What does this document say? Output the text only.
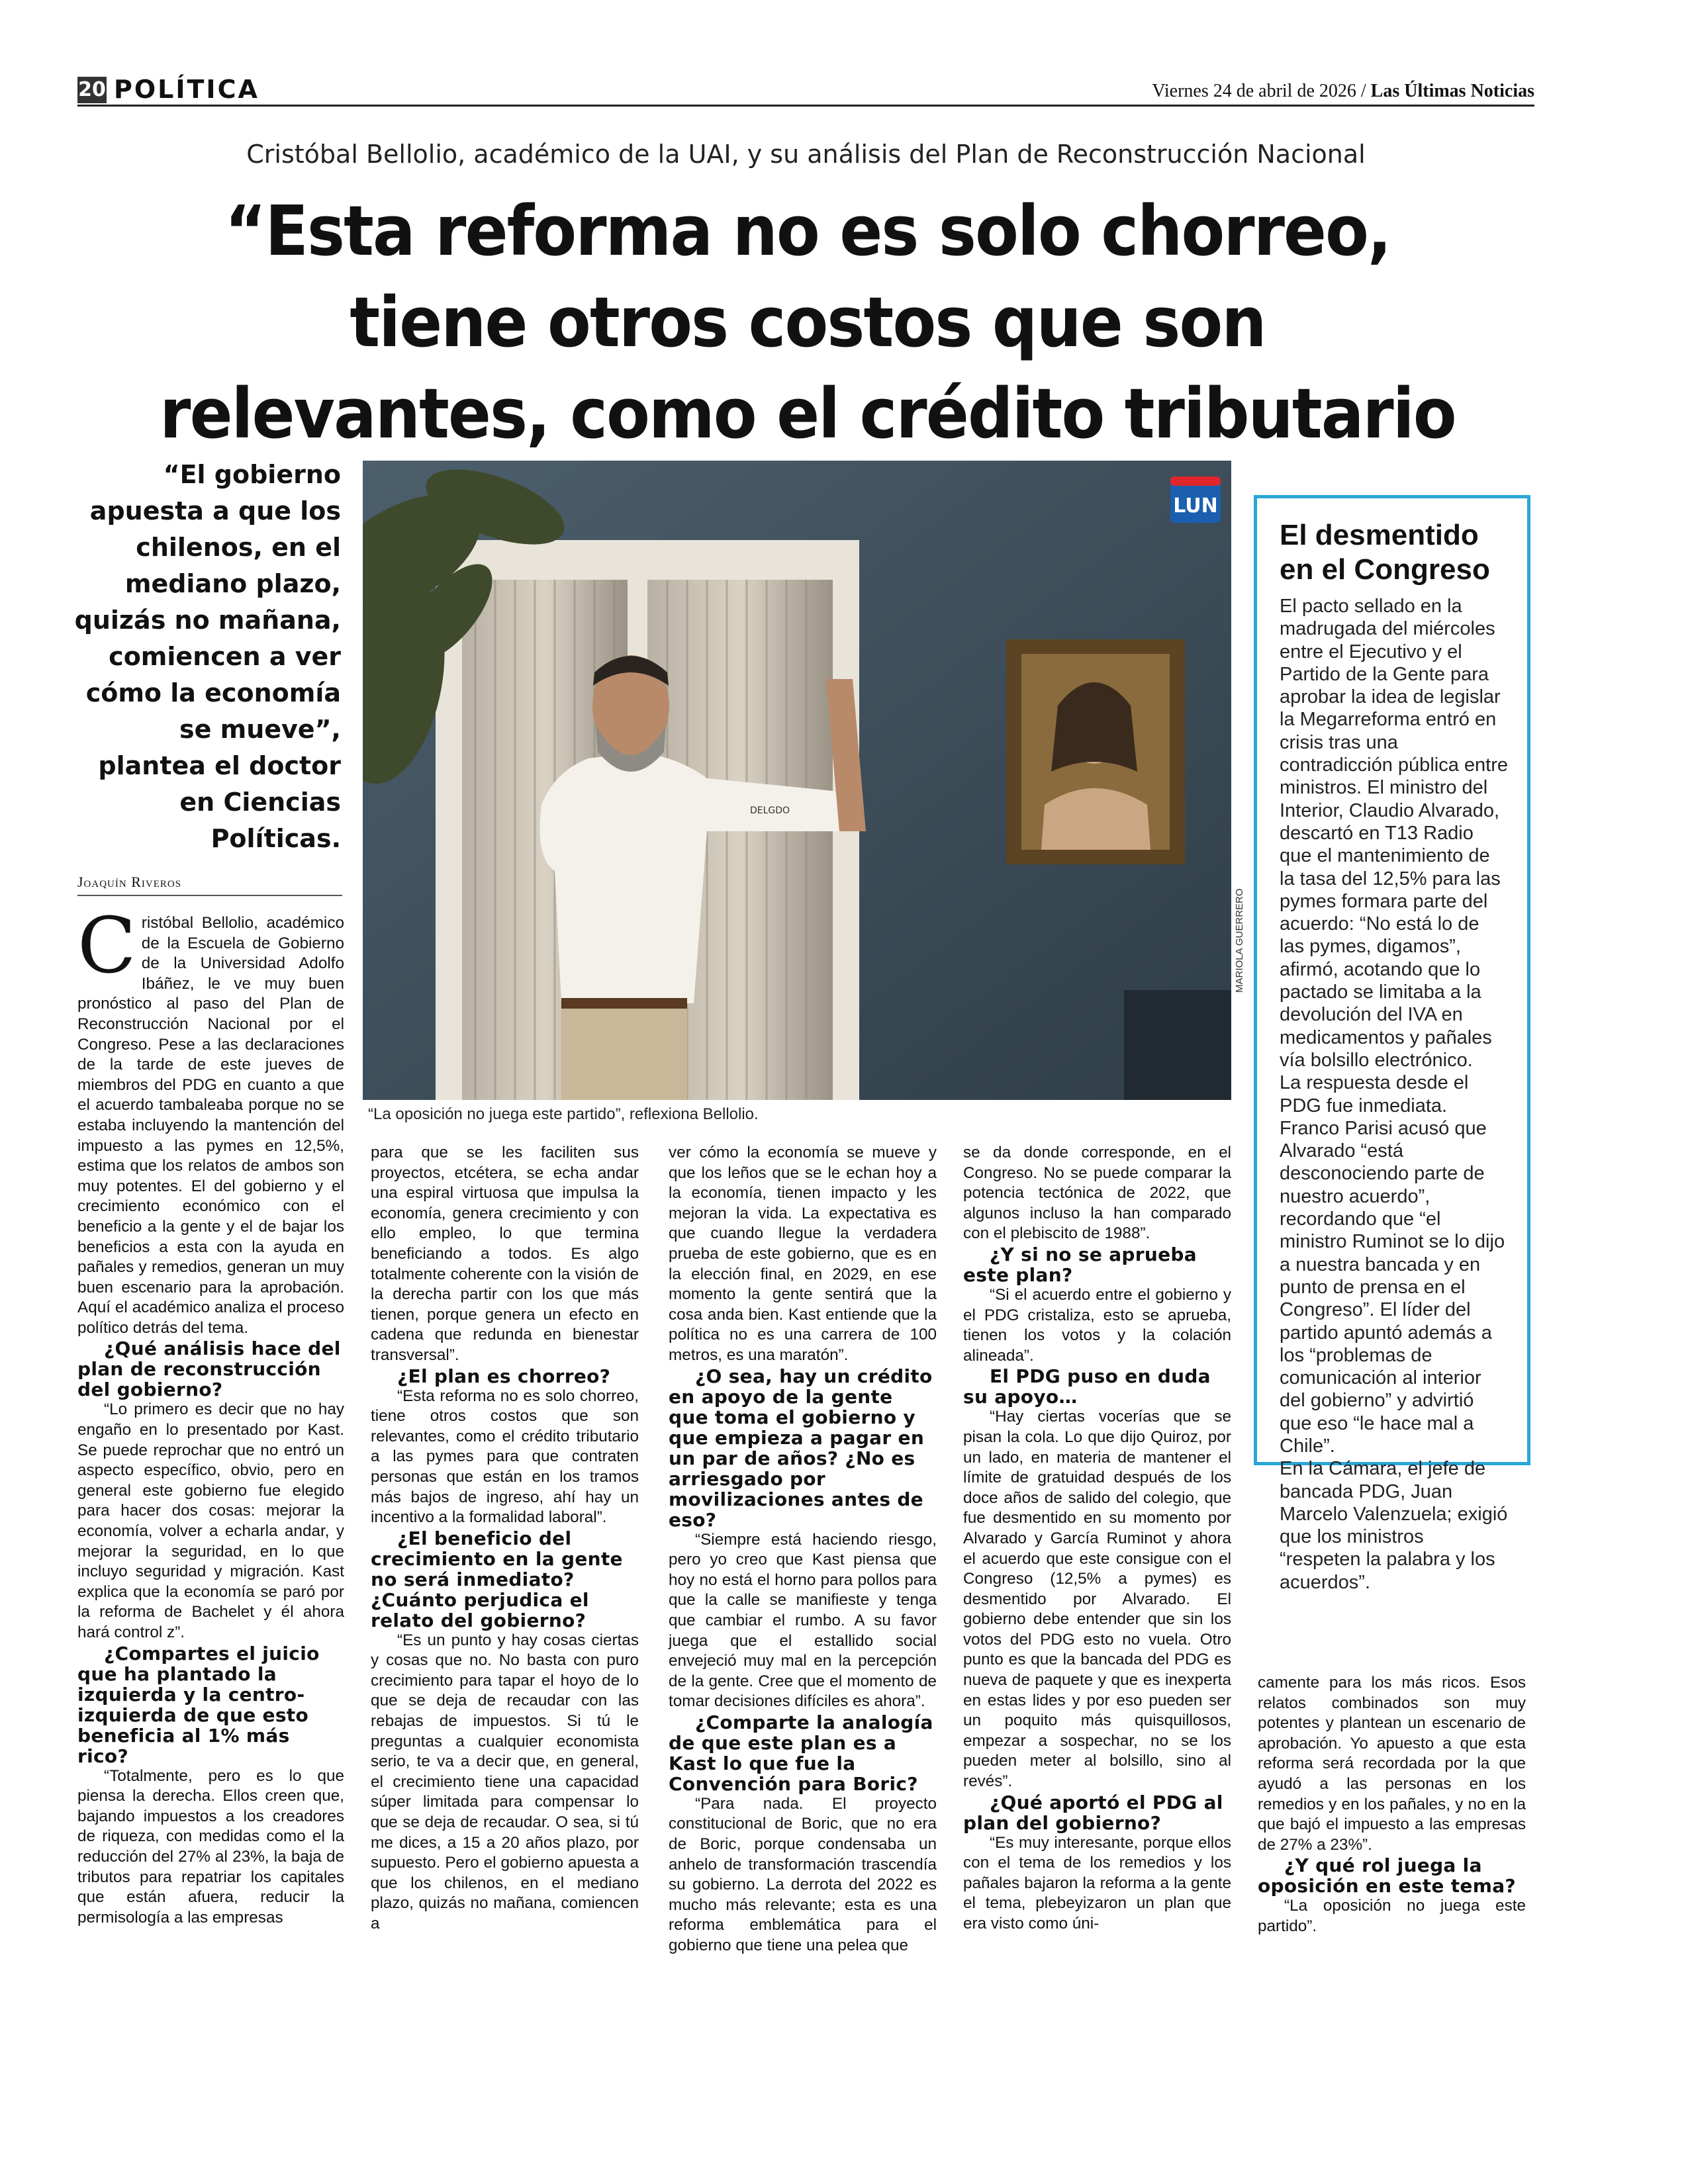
20 POLÍTICA	Viernes 24 de abril de 2026 / Las Últimas Noticias
Cristóbal Bellolio, académico de la UAI, y su análisis del Plan de Reconstrucción Nacional
“Esta reforma no es solo chorreo, tiene otros costos que son relevantes, como el crédito tributario
“El gobierno apuesta a que los chilenos, en el mediano plazo, quizás no mañana, comiencen a ver cómo la economía se mueve”, plantea el doctor en Ciencias Políticas.
Joaquín Riveros
DELGDO
LUN
“La oposición no juega este partido”, reflexiona Bellolio.
MARIOLA GUERRERO
El desmentido en el Congreso

El pacto sellado en la madrugada del miércoles entre el Ejecutivo y el Partido de la Gente para aprobar la idea de legislar la Megarreforma entró en crisis tras una contradicción pública entre ministros. El ministro del Interior, Claudio Alvarado, descartó en T13 Radio que el mantenimiento de la tasa del 12,5% para las pymes formara parte del acuerdo: “No está lo de las pymes, digamos”, afirmó, acotando que lo pactado se limitaba a la devolución del IVA en medicamentos y pañales vía bolsillo electrónico.

La respuesta desde el PDG fue inmediata. Franco Parisi acusó que Alvarado “está desconociendo parte de nuestro acuerdo”, recordando que “el ministro Ruminot se lo dijo a nuestra bancada y en punto de prensa en el Congreso”. El líder del partido apuntó además a los “problemas de comunicación al interior del gobierno” y advirtió que eso “le hace mal a Chile”.

En la Cámara, el jefe de bancada PDG, Juan Marcelo Valenzuela; exigió que los ministros “respeten la palabra y los acuerdos”.

Cristóbal Bellolio, académico de la Escuela de Gobierno de la Universidad Adolfo Ibáñez, le ve muy buen pronóstico al paso del Plan de Reconstrucción Nacional por el Congreso. Pese a las declaraciones de la tarde de este jueves de miembros del PDG en cuanto a que el acuerdo tambaleaba porque no se estaba incluyendo la mantención del impuesto a las pymes en 12,5%, estima que los relatos de ambos son muy potentes. El del gobierno y el crecimiento económico con el beneficio a la gente y el de bajar los beneficios a esta con la ayuda en pañales y remedios, generan un muy buen escenario para la aprobación. Aquí el académico analiza el proceso político detrás del tema.

¿Qué análisis hace del plan de reconstrucción del gobierno?

“Lo primero es decir que no hay engaño en lo presentado por Kast. Se puede reprochar que no entró un aspecto específico, obvio, pero en general este gobierno fue elegido para hacer dos cosas: mejorar la economía, volver a echarla andar, y mejorar la seguridad, en lo que incluyo seguridad y migración. Kast explica que la economía se paró por la reforma de Bachelet y él ahora hará control z”.

¿Compartes el juicio que ha plantado la izquierda y la centro-izquierda de que esto beneficia al 1% más rico?

“Totalmente, pero es lo que piensa la derecha. Ellos creen que, bajando impuestos a los creadores de riqueza, con medidas como el la reducción del 27% al 23%, la baja de tributos para repatriar los capitales que están afuera, reducir la permisología a las empresas

para que se les faciliten sus proyectos, etcétera, se echa andar una espiral virtuosa que impulsa la economía, genera crecimiento y con ello empleo, lo que termina beneficiando a todos. Es algo totalmente coherente con la visión de la derecha partir con los que más tienen, porque genera un efecto en cadena que redunda en bienestar transversal”.

¿El plan es chorreo?

“Esta reforma no es solo chorreo, tiene otros costos que son relevantes, como el crédito tributario a las pymes para que contraten personas que están en los tramos más bajos de ingreso, ahí hay un incentivo a la formalidad laboral”.

¿El beneficio del crecimiento en la gente no será inmediato? ¿Cuánto perjudica el relato del gobierno?

“Es un punto y hay cosas ciertas y cosas que no. No basta con puro crecimiento para tapar el hoyo de lo que se deja de recaudar con las rebajas de impuestos. Si tú le preguntas a cualquier economista serio, te va a decir que, en general, el crecimiento tiene una capacidad súper limitada para compensar lo que se deja de recaudar. O sea, si tú me dices, a 15 a 20 años plazo, por supuesto. Pero el gobierno apuesta a que los chilenos, en el mediano plazo, quizás no mañana, comiencen a

ver cómo la economía se mueve y que los leños que se le echan hoy a la economía, tienen impacto y les mejoran la vida. La expectativa es que cuando llegue la verdadera prueba de este gobierno, que es en la elección final, en 2029, en ese momento la gente sentirá que la cosa anda bien. Kast entiende que la política no es una carrera de 100 metros, es una maratón”.

¿O sea, hay un crédito en apoyo de la gente que toma el gobierno y que empieza a pagar en un par de años? ¿No es arriesgado por movilizaciones antes de eso?

“Siempre está haciendo riesgo, pero yo creo que Kast piensa que hoy no está el horno para pollos para que la calle se manifieste y tenga que cambiar el rumbo. A su favor juega que el estallido social envejeció muy mal en la percepción de la gente. Cree que el momento de tomar decisiones difíciles es ahora”.

¿Comparte la analogía de que este plan es a Kast lo que fue la Convención para Boric?

“Para nada. El proyecto constitucional de Boric, que no era de Boric, porque condensaba un anhelo de transformación trascendía su gobierno. La derrota del 2022 es mucho más relevante; esta es una reforma emblemática para el gobierno que tiene una pelea que

se da donde corresponde, en el Congreso. No se puede comparar la potencia tectónica de 2022, que algunos incluso la han comparado con el plebiscito de 1988”.

¿Y si no se aprueba este plan?

“Si el acuerdo entre el gobierno y el PDG cristaliza, esto se aprueba, tienen los votos y la colación alineada”.

El PDG puso en duda su apoyo…

“Hay ciertas vocerías que se pisan la cola. Lo que dijo Quiroz, por un lado, en materia de mantener el límite de gratuidad después de los doce años de salido del colegio, que fue desmentido en su momento por Alvarado y García Ruminot y ahora el acuerdo que este consigue con el Congreso (12,5% a pymes) es desmentido por Alvarado. El gobierno debe entender que sin los votos del PDG esto no vuela. Otro punto es que la bancada del PDG es nueva de paquete y que es inexperta en estas lides y por eso pueden ser un poquito más quisquillosos, empezar a sospechar, no se los pueden meter al bolsillo, sino al revés”.

¿Qué aportó el PDG al plan del gobierno?

“Es muy interesante, porque ellos con el tema de los remedios y los pañales bajaron la reforma a la gente el tema, plebeyizaron un plan que era visto como úni-

camente para los más ricos. Esos relatos combinados son muy potentes y plantean un escenario de aprobación. Yo apuesto a que esta reforma será recordada por la que ayudó a las personas en los remedios y en los pañales, y no en la que bajó el impuesto a las empresas de 27% a 23%”.

¿Y qué rol juega la oposición en este tema?

“La oposición no juega este partido”.
